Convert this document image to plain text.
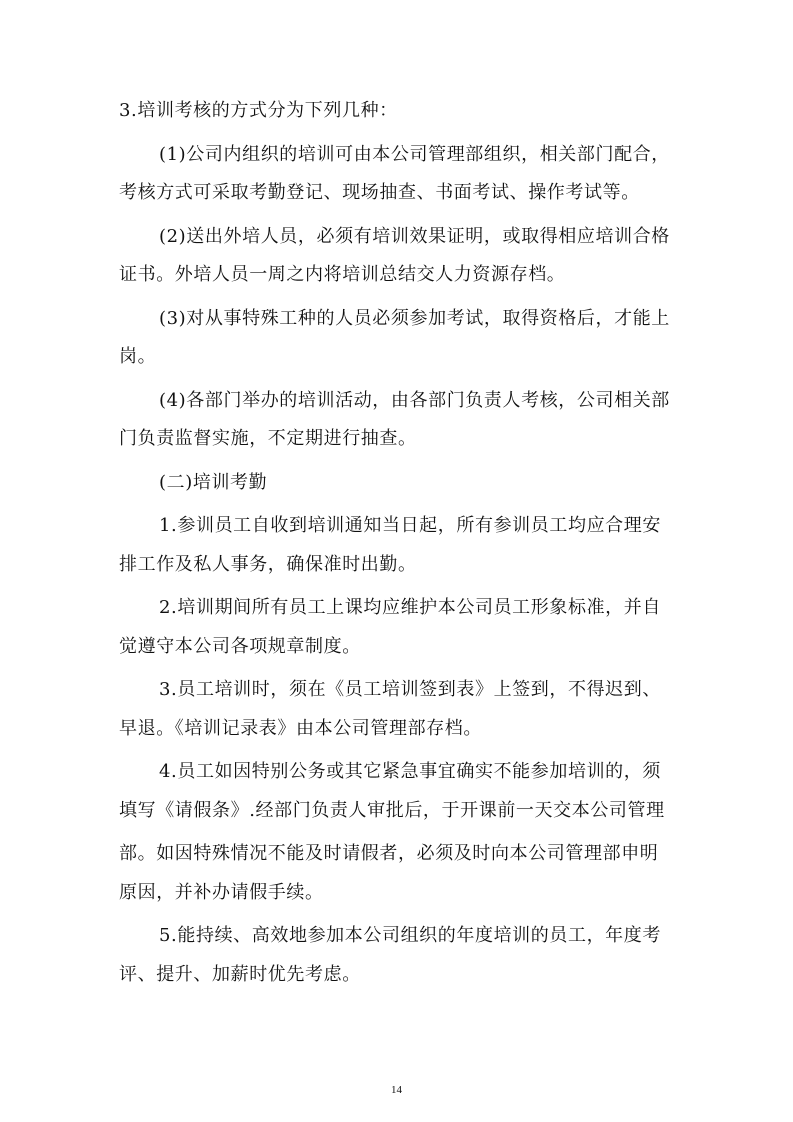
3.培训考核的方式分为下列几种：
(1)公司内组织的培训可由本公司管理部组织，相关部门配合，
考核方式可采取考勤登记、现场抽查、书面考试、操作考试等。
(2)送出外培人员，必须有培训效果证明，或取得相应培训合格
证书。外培人员一周之内将培训总结交人力资源存档。
(3)对从事特殊工种的人员必须参加考试，取得资格后，才能上
岗。
(4)各部门举办的培训活动，由各部门负责人考核，公司相关部
门负责监督实施，不定期进行抽查。
(二)培训考勤
1.参训员工自收到培训通知当日起，所有参训员工均应合理安
排工作及私人事务，确保准时出勤。
2.培训期间所有员工上课均应维护本公司员工形象标准，并自
觉遵守本公司各项规章制度。
3.员工培训时，须在《员工培训签到表》上签到，不得迟到、
早退。《培训记录表》由本公司管理部存档。
4.员工如因特别公务或其它紧急事宜确实不能参加培训的，须
填写《请假条》.经部门负责人审批后，于开课前一天交本公司管理
部。如因特殊情况不能及时请假者，必须及时向本公司管理部申明
原因，并补办请假手续。
5.能持续、高效地参加本公司组织的年度培训的员工，年度考
评、提升、加薪时优先考虑。
14
